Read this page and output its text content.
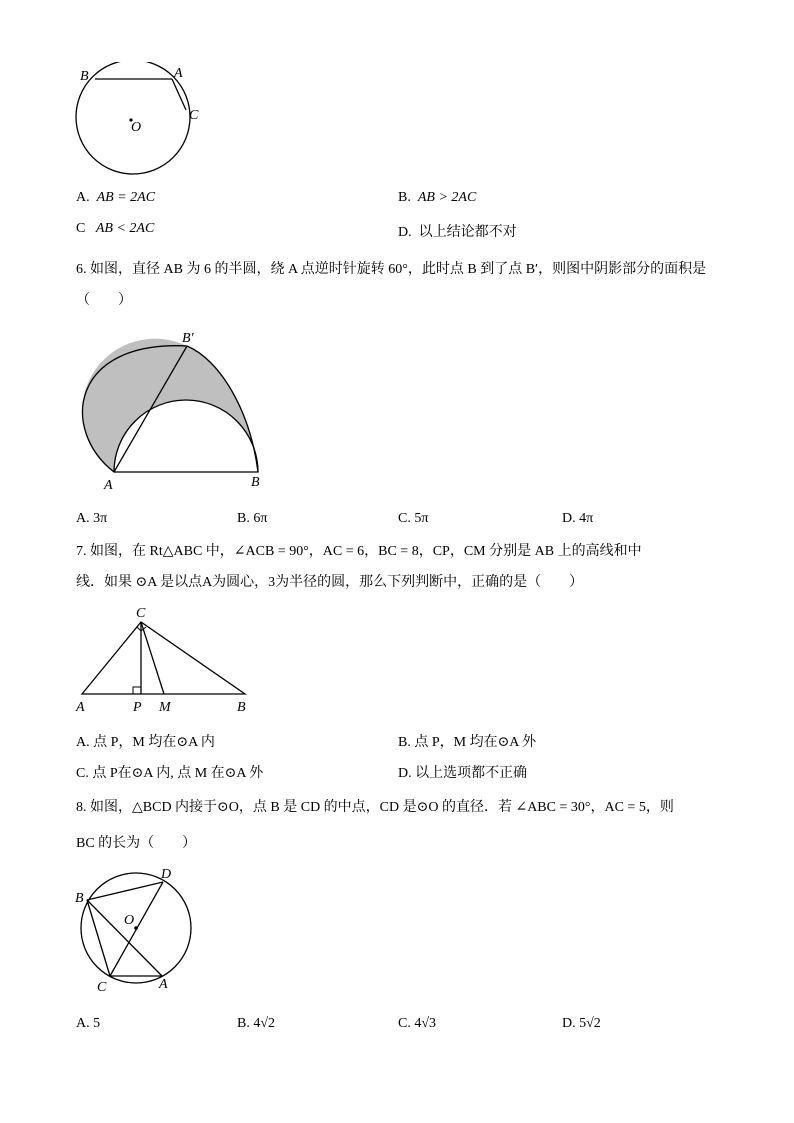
B	A
C
O
A. AB = 2AC	B. AB > 2AC
C AB < 2AC	D. 以上结论都不对
6. 如图，直径 AB 为 6 的半圆，绕 A 点逆时针旋转 60°，此时点 B 到了点 B′，则图中阴影部分的面积是
（　　）
B′
A	B
A. 3π	B. 6π	C. 5π	D. 4π
7. 如图，在 Rt△ABC 中，∠ACB = 90°，AC = 6，BC = 8，CP，CM 分别是 AB 上的高线和中
线．如果 ⊙A 是以点A为圆心，3为半径的圆，那么下列判断中，正确的是（　　）
C
A	P M	B
A. 点 P，M 均在⊙A 内	B. 点 P，M 均在⊙A 外
C. 点 P在⊙A 内, 点 M 在⊙A 外	D. 以上选项都不正确
8. 如图，△BCD 内接于⊙O，点 B 是 CD 的中点，CD 是⊙O 的直径．若 ∠ABC = 30°，AC = 5，则
BC 的长为（　　）
D
B
O
C	A
A. 5	B. 4√2	C. 4√3	D. 5√2
